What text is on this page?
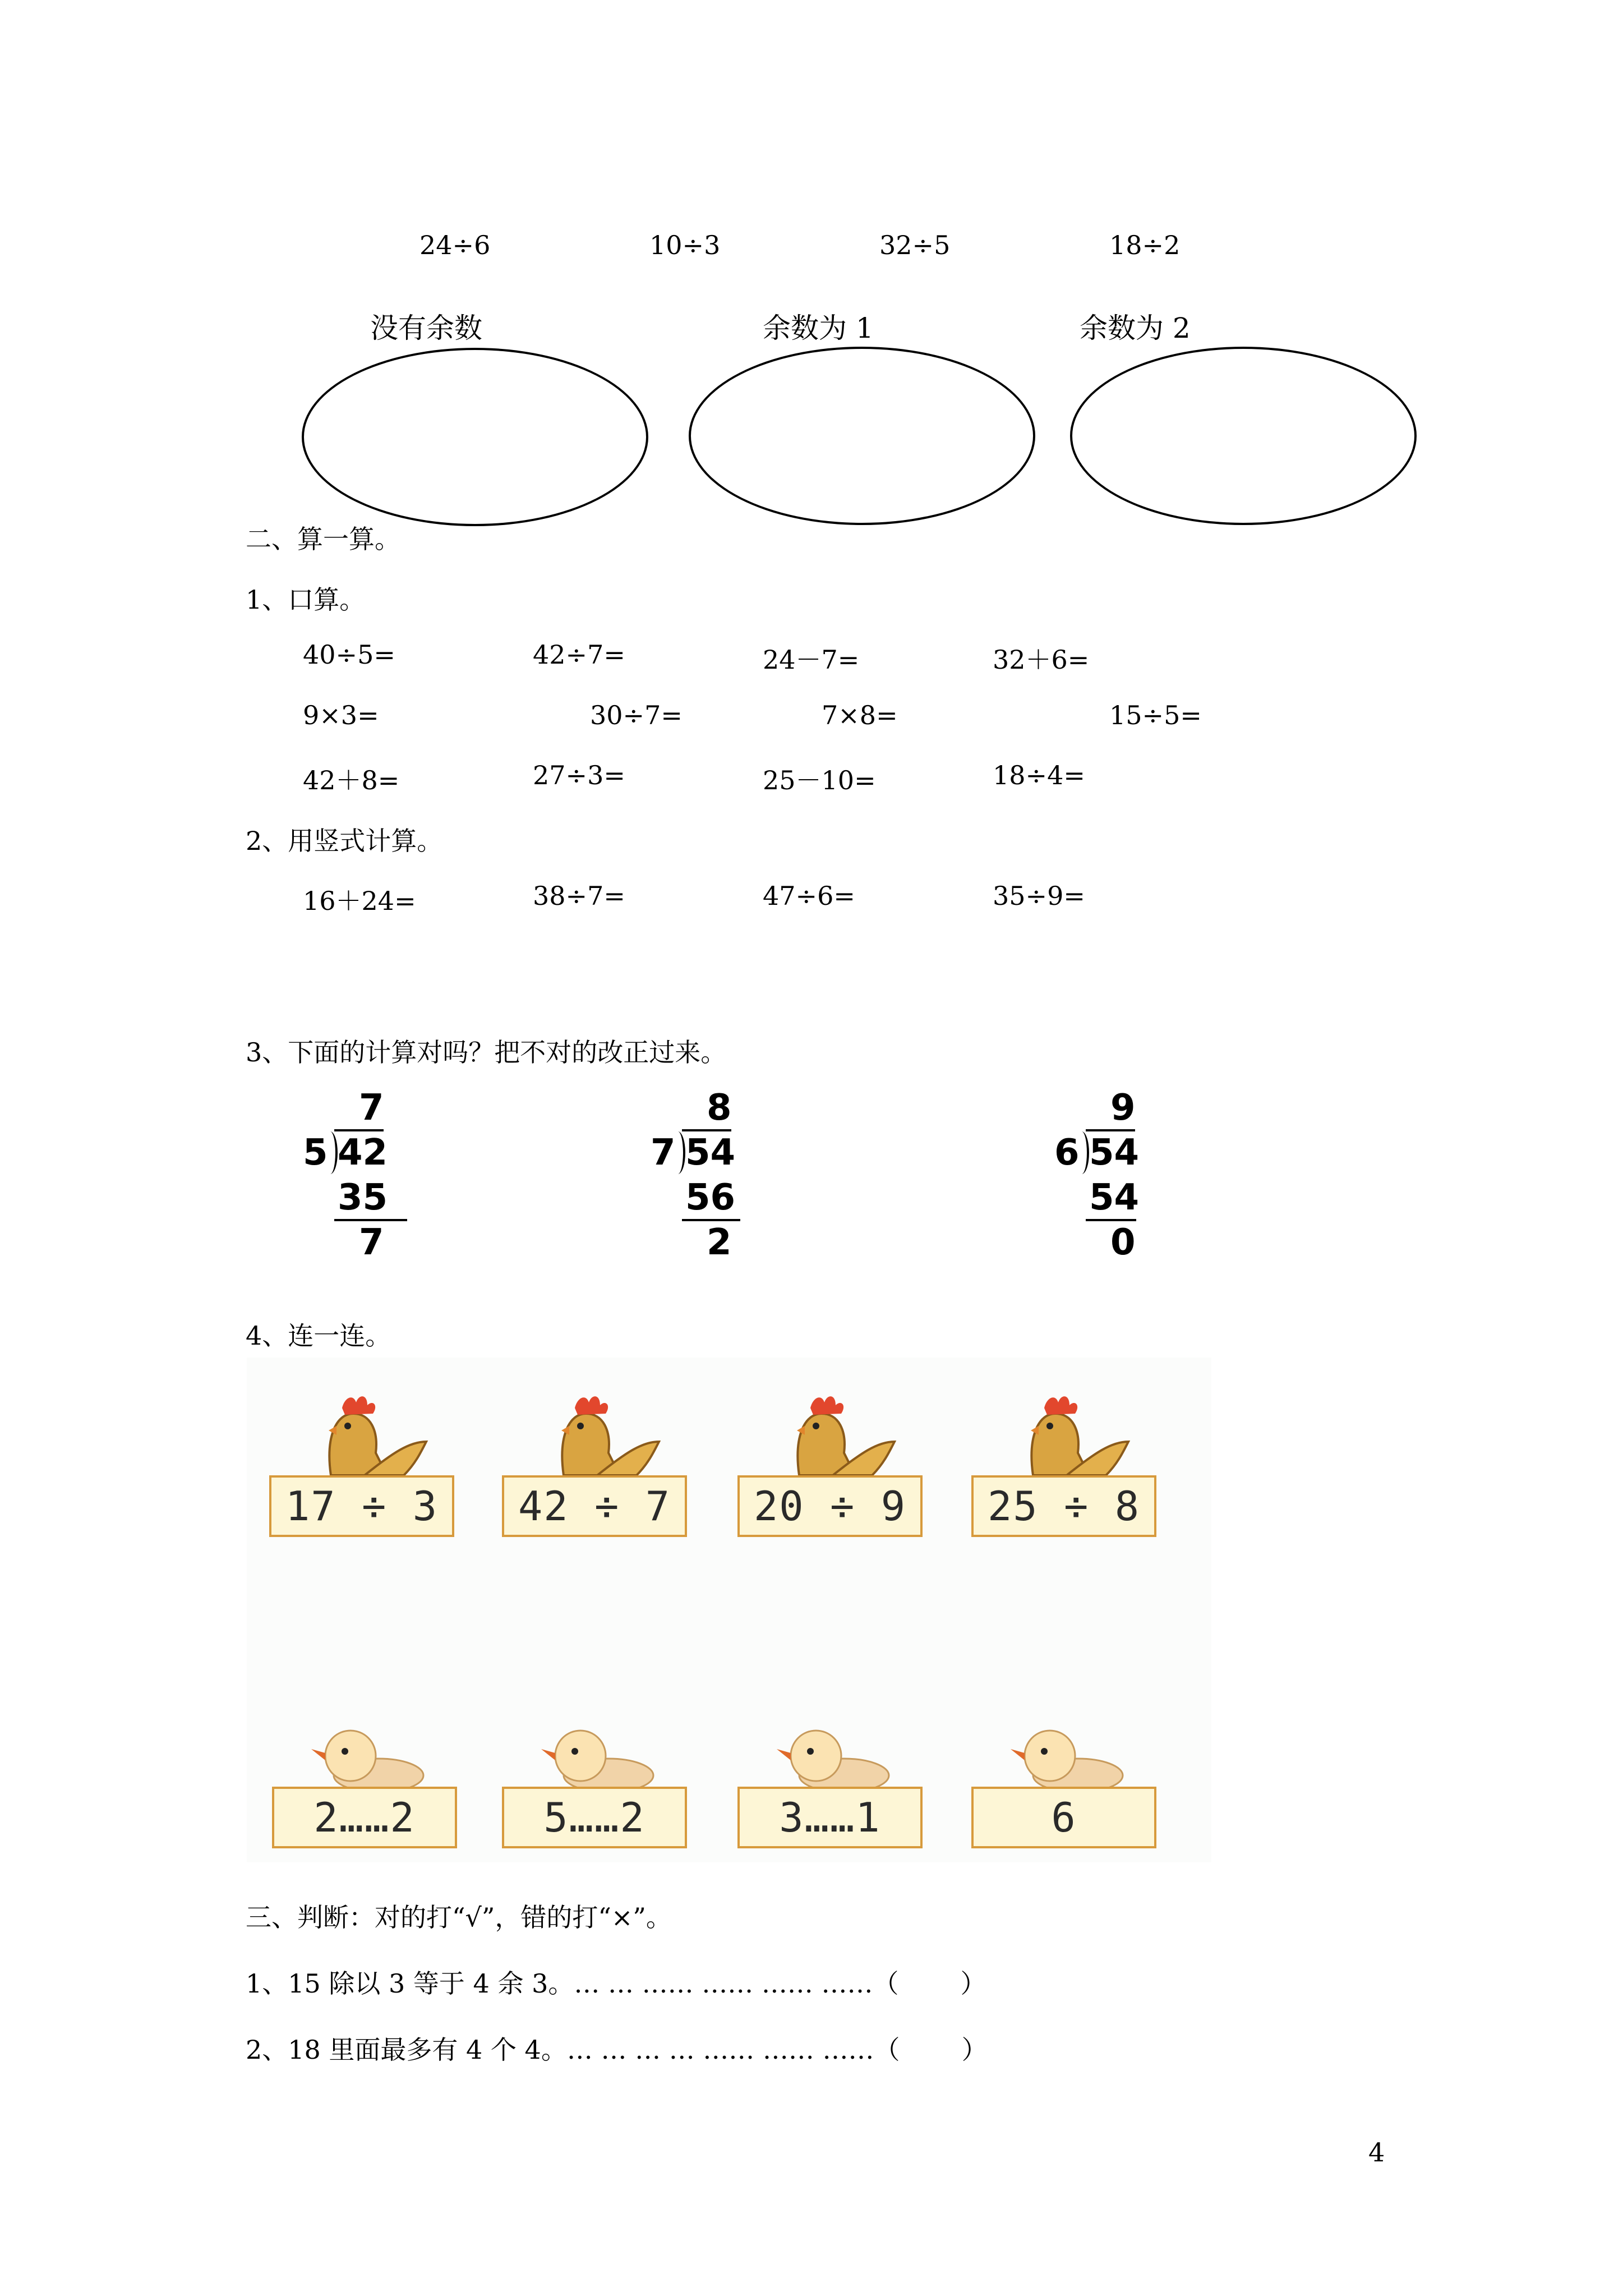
24÷6	10÷3	32÷5	18÷2
没有余数	余数为 1	余数为 2
二、算一算。
1、口算。
40÷5=	42÷7=	24－7=	32＋6=
9×3=	30÷7=	7×8=	15÷5=
42＋8=	27÷3=	25－10=	18÷4=
2、用竖式计算。
16＋24=	38÷7=	47÷6=	35÷9=
3、下面的计算对吗？把不对的改正过来。
7
5 42
35
7
8
7 54
56
2
9
6 54
54
0
4、连一连。
17 ÷ 3	42 ÷ 7	20 ÷ 9	25 ÷ 8
2……2	5……2	3……1	6
三、判断：对的打“√”，错的打“×”。
1、15 除以 3 等于 4 余 3。… … …… …… …… ……（ ）
2、18 里面最多有 4 个 4。… … … … …… …… ……（ ）
4
